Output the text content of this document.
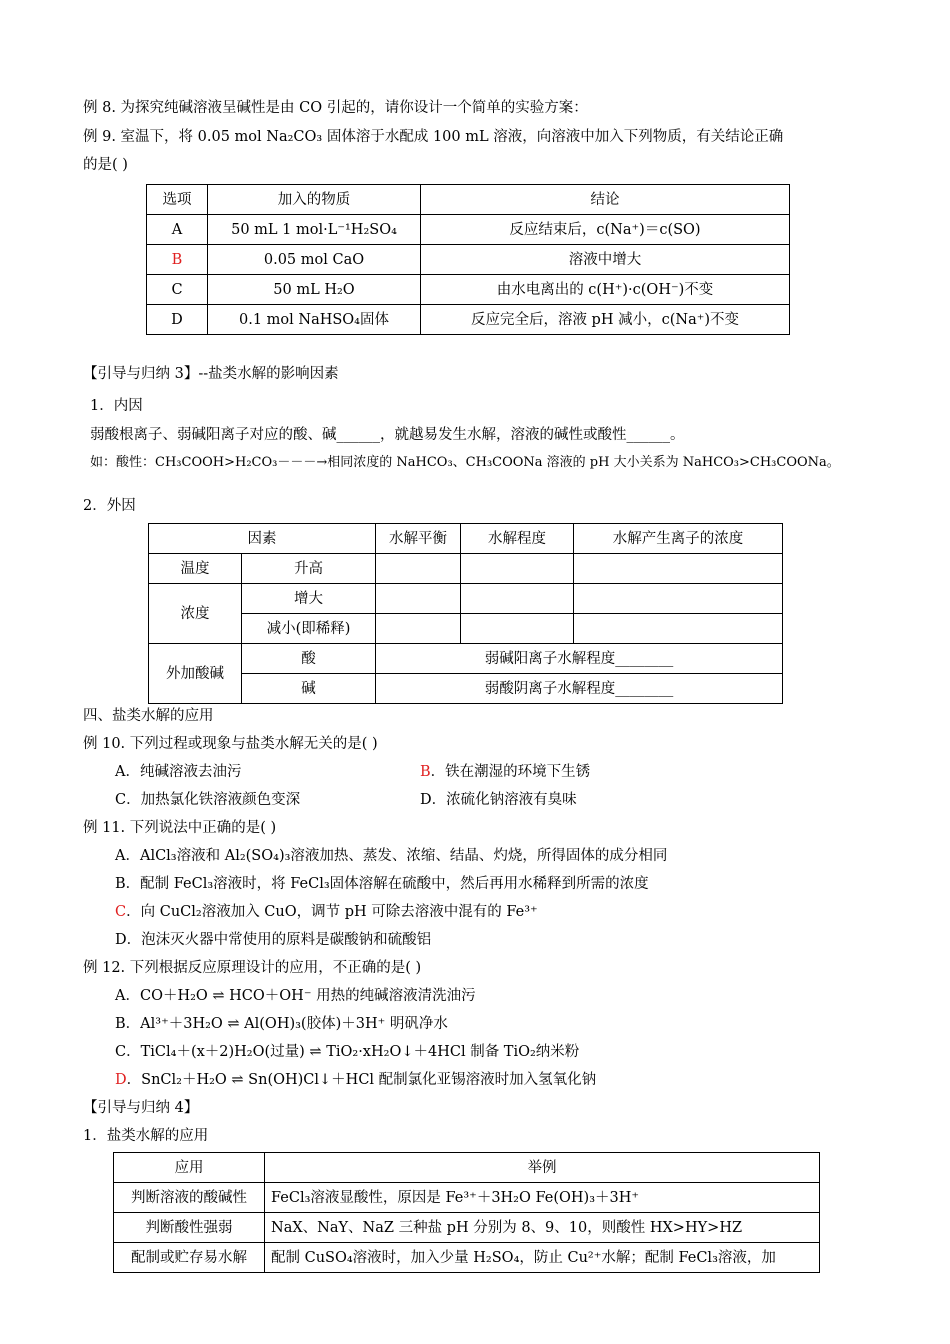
例 8. 为探究纯碱溶液呈碱性是由 CO 引起的，请你设计一个简单的实验方案：
例 9. 室温下，将 0.05 mol Na₂CO₃ 固体溶于水配成 100 mL 溶液，向溶液中加入下列物质，有关结论正确
的是( )
选项	加入的物质	结论
A	50 mL 1 mol·L⁻¹H₂SO₄	反应结束后，c(Na⁺)＝c(SO)
B	0.05 mol CaO	溶液中增大
C	50 mL H₂O	由水电离出的 c(H⁺)·c(OH⁻)不变
D	0.1 mol NaHSO₄固体	反应完全后，溶液 pH 减小，c(Na⁺)不变
【引导与归纳 3】--盐类水解的影响因素
1．内因
弱酸根离子、弱碱阳离子对应的酸、碱______，就越易发生水解，溶液的碱性或酸性______。
如：酸性：CH₃COOH>H₂CO₃－－－→相同浓度的 NaHCO₃、CH₃COONa 溶液的 pH 大小关系为 NaHCO₃>CH₃COONa。
2．外因
因素		水解平衡	水解程度	水解产生离子的浓度
温度	升高			
浓度	增大			
	减小(即稀释)			
外加酸碱	酸	弱碱阳离子水解程度________		
	碱	弱酸阴离子水解程度________		
四、盐类水解的应用
例 10. 下列过程或现象与盐类水解无关的是( )
A．纯碱溶液去油污	B．铁在潮湿的环境下生锈
C．加热氯化铁溶液颜色变深	D．浓硫化钠溶液有臭味
例 11. 下列说法中正确的是( )
A．AlCl₃溶液和 Al₂(SO₄)₃溶液加热、蒸发、浓缩、结晶、灼烧，所得固体的成分相同
B．配制 FeCl₃溶液时，将 FeCl₃固体溶解在硫酸中，然后再用水稀释到所需的浓度
C．向 CuCl₂溶液加入 CuO，调节 pH 可除去溶液中混有的 Fe³⁺
D．泡沫灭火器中常使用的原料是碳酸钠和硫酸铝
例 12. 下列根据反应原理设计的应用，不正确的是( )
A．CO＋H₂O ⇌ HCO＋OH⁻ 用热的纯碱溶液清洗油污
B．Al³⁺＋3H₂O ⇌ Al(OH)₃(胶体)＋3H⁺ 明矾净水
C．TiCl₄＋(x＋2)H₂O(过量) ⇌ TiO₂·xH₂O↓＋4HCl 制备 TiO₂纳米粉
D．SnCl₂＋H₂O ⇌ Sn(OH)Cl↓＋HCl 配制氯化亚锡溶液时加入氢氧化钠
【引导与归纳 4】
1．盐类水解的应用
应用	举例
判断溶液的酸碱性	FeCl₃溶液显酸性，原因是 Fe³⁺＋3H₂O Fe(OH)₃＋3H⁺
判断酸性强弱	NaX、NaY、NaZ 三种盐 pH 分别为 8、9、10，则酸性 HX>HY>HZ
配制或贮存易水解	配制 CuSO₄溶液时，加入少量 H₂SO₄，防止 Cu²⁺水解；配制 FeCl₃溶液，加
